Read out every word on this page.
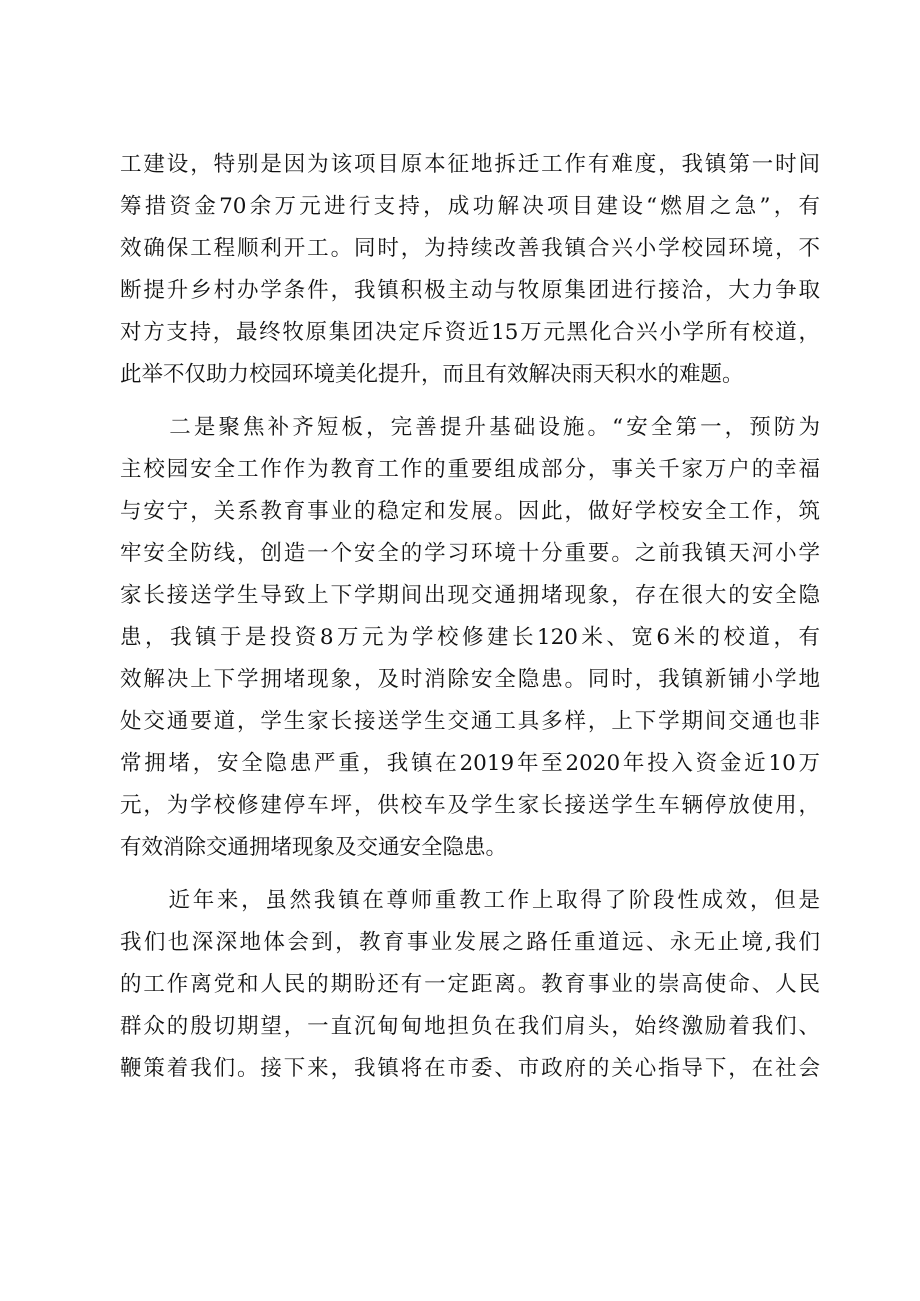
工建设，特别是因为该项目原本征地拆迁工作有难度，我镇第一时间
筹措资金70余万元进行支持，成功解决项目建设“燃眉之急”，有
效确保工程顺利开工。同时，为持续改善我镇合兴小学校园环境，不
断提升乡村办学条件，我镇积极主动与牧原集团进行接洽，大力争取
对方支持，最终牧原集团决定斥资近15万元黑化合兴小学所有校道，
此举不仅助力校园环境美化提升，而且有效解决雨天积水的难题。
　　二是聚焦补齐短板，完善提升基础设施。“安全第一，预防为
主校园安全工作作为教育工作的重要组成部分，事关千家万户的幸福
与安宁，关系教育事业的稳定和发展。因此，做好学校安全工作，筑
牢安全防线，创造一个安全的学习环境十分重要。之前我镇天河小学
家长接送学生导致上下学期间出现交通拥堵现象，存在很大的安全隐
患，我镇于是投资8万元为学校修建长120米、宽6米的校道，有
效解决上下学拥堵现象，及时消除安全隐患。同时，我镇新铺小学地
处交通要道，学生家长接送学生交通工具多样，上下学期间交通也非
常拥堵，安全隐患严重，我镇在2019年至2020年投入资金近10万
元，为学校修建停车坪，供校车及学生家长接送学生车辆停放使用，
有效消除交通拥堵现象及交通安全隐患。
　　近年来，虽然我镇在尊师重教工作上取得了阶段性成效，但是
我们也深深地体会到，教育事业发展之路任重道远、永无止境,我们
的工作离党和人民的期盼还有一定距离。教育事业的崇高使命、人民
群众的殷切期望，一直沉甸甸地担负在我们肩头，始终激励着我们、
鞭策着我们。接下来，我镇将在市委、市政府的关心指导下，在社会
